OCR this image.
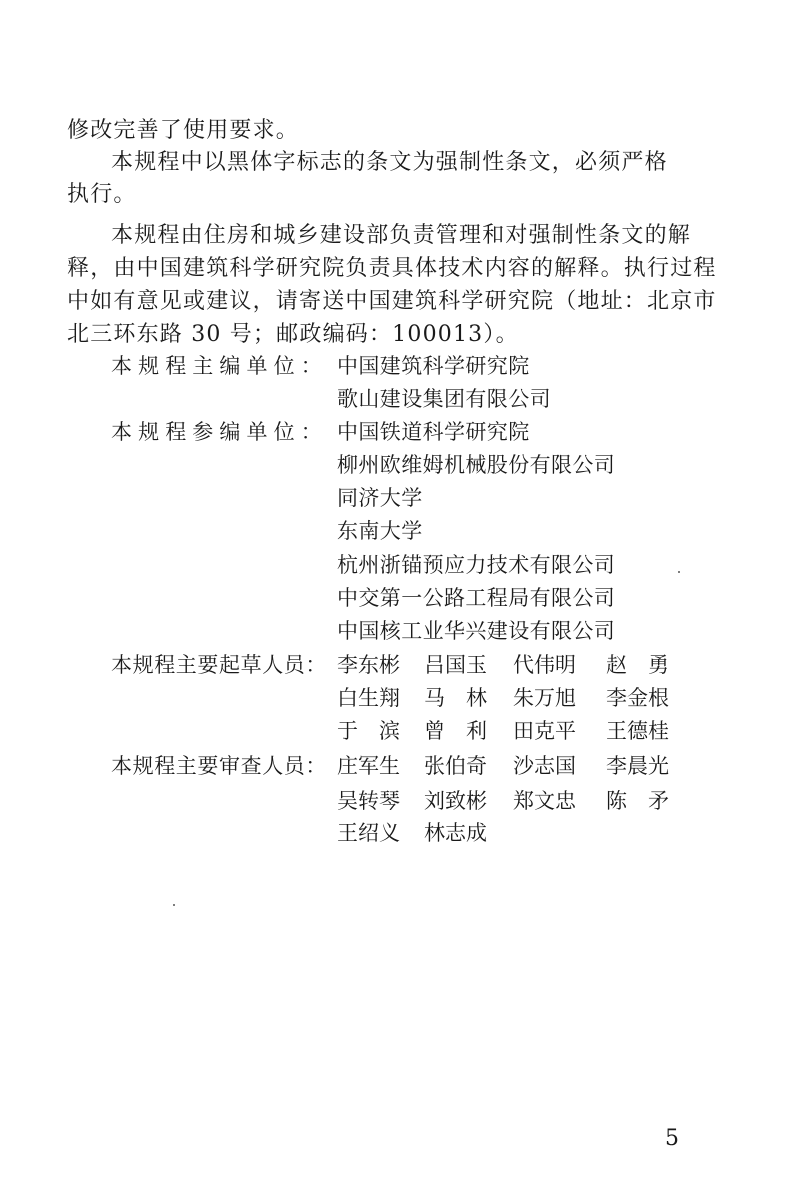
修改完善了使用要求。
本规程中以黑体字标志的条文为强制性条文，必须严格
执行。
本规程由住房和城乡建设部负责管理和对强制性条文的解
释，由中国建筑科学研究院负责具体技术内容的解释。执行过程
中如有意见或建议，请寄送中国建筑科学研究院（地址：北京市
北三环东路 30 号；邮政编码：100013）。
本规程主编单位： 中国建筑科学研究院
歌山建设集团有限公司
本规程参编单位： 中国铁道科学研究院
柳州欧维姆机械股份有限公司
同济大学
东南大学
杭州浙锚预应力技术有限公司
中交第一公路工程局有限公司
中国核工业华兴建设有限公司
本规程主要起草人员： 李东彬 吕国玉 代伟明 赵勇
白生翔 马林 朱万旭 李金根
于滨 曾利 田克平 王德桂
本规程主要审查人员： 庄军生 张伯奇 沙志国 李晨光
吴转琴 刘致彬 郑文忠 陈矛
王绍义 林志成
5
